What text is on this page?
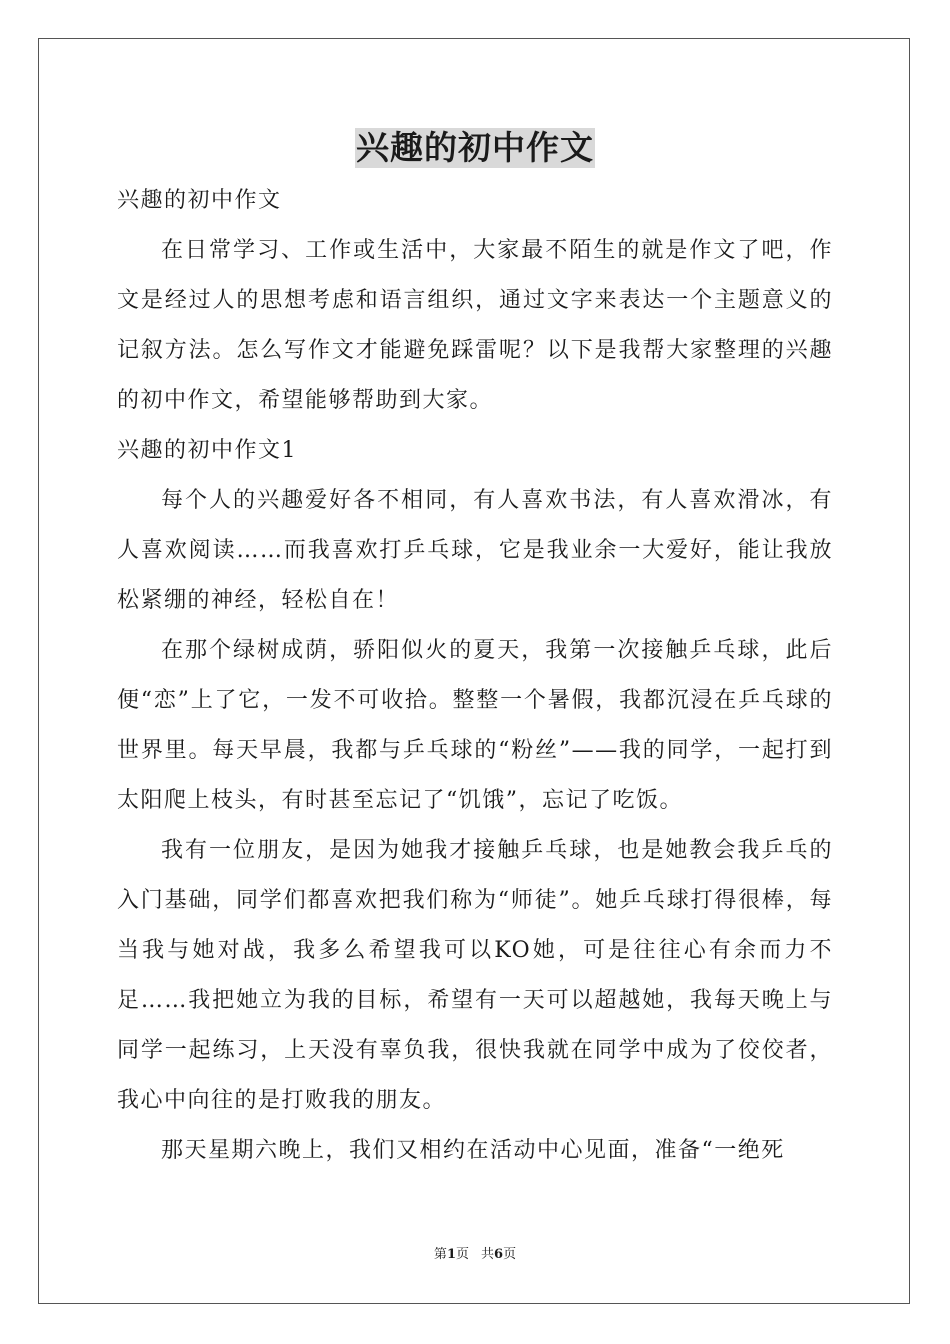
兴趣的初中作文

兴趣的初中作文

在日常学习、工作或生活中，大家最不陌生的就是作文了吧，作文是经过人的思想考虑和语言组织，通过文字来表达一个主题意义的记叙方法。怎么写作文才能避免踩雷呢？以下是我帮大家整理的兴趣的初中作文，希望能够帮助到大家。

兴趣的初中作文1

每个人的兴趣爱好各不相同，有人喜欢书法，有人喜欢滑冰，有人喜欢阅读……而我喜欢打乒乓球，它是我业余一大爱好，能让我放松紧绷的神经，轻松自在！

在那个绿树成荫，骄阳似火的夏天，我第一次接触乒乓球，此后便“恋”上了它，一发不可收拾。整整一个暑假，我都沉浸在乒乓球的世界里。每天早晨，我都与乒乓球的“粉丝”——我的同学，一起打到太阳爬上枝头，有时甚至忘记了“饥饿”，忘记了吃饭。

我有一位朋友，是因为她我才接触乒乓球，也是她教会我乒乓的入门基础，同学们都喜欢把我们称为“师徒”。她乒乓球打得很棒，每当我与她对战，我多么希望我可以KO她，可是往往心有余而力不足……我把她立为我的目标，希望有一天可以超越她，我每天晚上与同学一起练习，上天没有辜负我，很快我就在同学中成为了佼佼者，我心中向往的是打败我的朋友。

那天星期六晚上，我们又相约在活动中心见面，准备“一绝死

第1页 共6页
